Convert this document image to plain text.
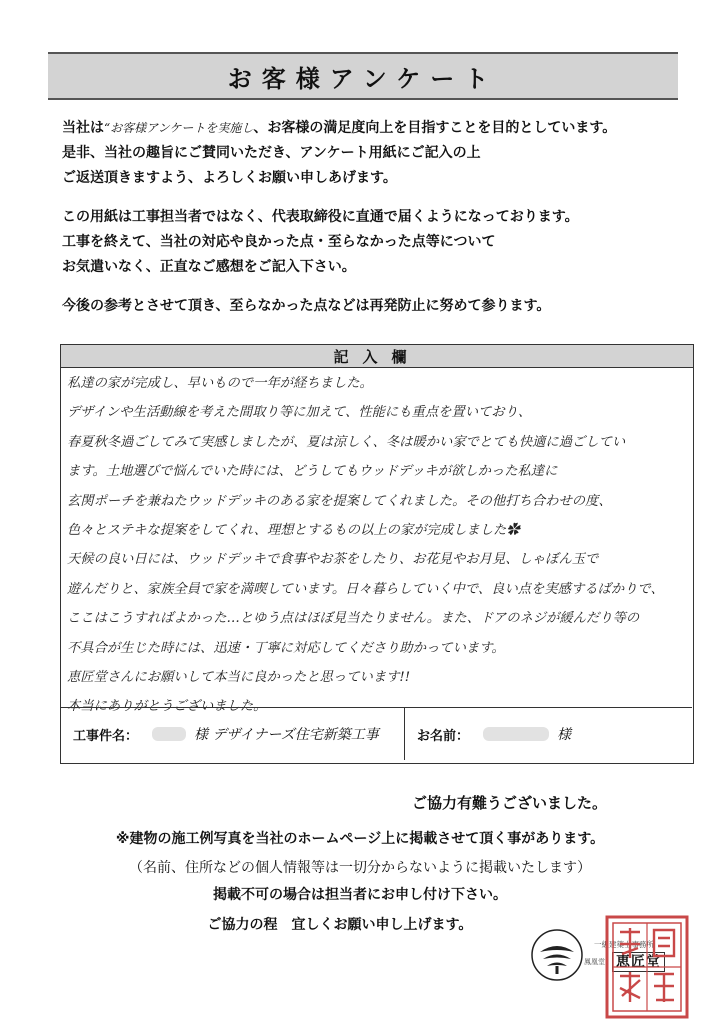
お客様アンケート

当社は“お客様アンケートを実施し、お客様の満足度向上を目指すことを目的としています。

是非、当社の趣旨にご賛同いただき、アンケート用紙にご記入の上

ご返送頂きますよう、よろしくお願い申しあげます。

この用紙は工事担当者ではなく、代表取締役に直通で届くようになっております。

工事を終えて、当社の対応や良かった点・至らなかった点等について

お気遣いなく、正直なご感想をご記入下さい。

今後の参考とさせて頂き、至らなかった点などは再発防止に努めて参ります。

記入欄
私達の家が完成し、早いもので一年が経ちました。
デザインや生活動線を考えた間取り等に加えて、性能にも重点を置いており、
春夏秋冬過ごしてみて実感しましたが、夏は涼しく、冬は暖かい家でとても快適に過ごしてい
ます。土地選びで悩んでいた時には、どうしてもウッドデッキが欲しかった私達に
玄関ポーチを兼ねたウッドデッキのある家を提案してくれました。その他打ち合わせの度、
色々とステキな提案をしてくれ、理想とするもの以上の家が完成しました✿
天候の良い日には、ウッドデッキで食事やお茶をしたり、お花見やお月見、しゃぼん玉で
遊んだりと、家族全員で家を満喫しています。日々暮らしていく中で、良い点を実感するばかりで、
ここはこうすればよかった…とゆう点はほぼ見当たりません。また、ドアのネジが緩んだり等の
不具合が生じた時には、迅速・丁寧に対応してくださり助かっています。
恵匠堂さんにお願いして本当に良かったと思っています!!
本当にありがとうございました。
工事件名：	様 デザイナーズ住宅新築工事	お名前：	様
ご協力有難うございました。
※建物の施工例写真を当社のホームページ上に掲載させて頂く事があります。
（名前、住所などの個人情報等は一切分からないように掲載いたします）
掲載不可の場合は担当者にお申し付け下さい。
ご協力の程　宜しくお願い申し上げます。
一級建築士事務所
恵匠堂
鳳凰堂
